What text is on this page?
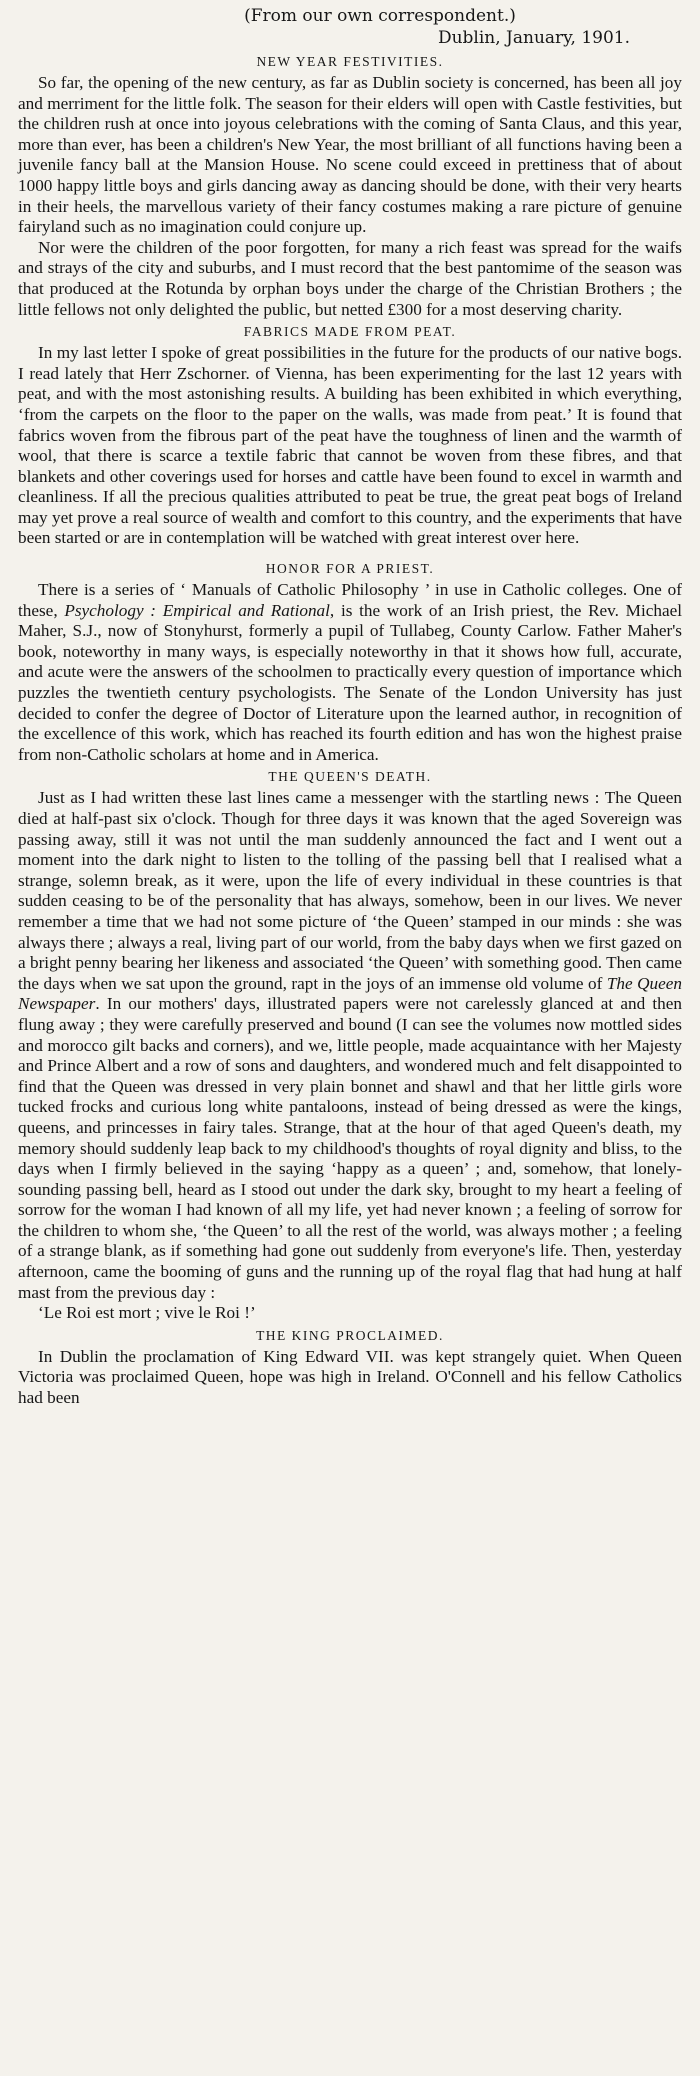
(From our own correspondent.)
Dublin, January, 1901.
NEW YEAR FESTIVITIES.

So far, the opening of the new century, as far as Dublin society is concerned, has been all joy and merriment for the little folk. The season for their elders will open with Castle festivities, but the children rush at once into joyous celebrations with the coming of Santa Claus, and this year, more than ever, has been a children's New Year, the most brilliant of all functions having been a juvenile fancy ball at the Mansion House. No scene could exceed in prettiness that of about 1000 happy little boys and girls dancing away as dancing should be done, with their very hearts in their heels, the marvellous variety of their fancy costumes making a rare picture of genuine fairyland such as no imagination could conjure up.

Nor were the children of the poor forgotten, for many a rich feast was spread for the waifs and strays of the city and suburbs, and I must record that the best pantomime of the season was that produced at the Rotunda by orphan boys under the charge of the Christian Brothers ; the little fellows not only delighted the public, but netted £300 for a most deserving charity.

FABRICS MADE FROM PEAT.

In my last letter I spoke of great possibilities in the future for the products of our native bogs. I read lately that Herr Zschorner. of Vienna, has been experimenting for the last 12 years with peat, and with the most astonishing results. A building has been exhibited in which everything, ‘from the carpets on the floor to the paper on the walls, was made from peat.’ It is found that fabrics woven from the fibrous part of the peat have the toughness of linen and the warmth of wool, that there is scarce a textile fabric that cannot be woven from these fibres, and that blankets and other coverings used for horses and cattle have been found to excel in warmth and cleanliness. If all the precious qualities attributed to peat be true, the great peat bogs of Ireland may yet prove a real source of wealth and comfort to this country, and the experiments that have been started or are in contemplation will be watched with great interest over here.

HONOR FOR A PRIEST.

There is a series of ‘ Manuals of Catholic Philosophy ’ in use in Catholic colleges. One of these, Psychology : Empirical and Rational, is the work of an Irish priest, the Rev. Michael Maher, S.J., now of Stonyhurst, formerly a pupil of Tullabeg, County Carlow. Father Maher's book, noteworthy in many ways, is especially noteworthy in that it shows how full, accurate, and acute were the answers of the schoolmen to practically every question of importance which puzzles the twentieth century psychologists. The Senate of the London University has just decided to confer the degree of Doctor of Literature upon the learned author, in recognition of the excellence of this work, which has reached its fourth edition and has won the highest praise from non-Catholic scholars at home and in America.

THE QUEEN'S DEATH.

Just as I had written these last lines came a messenger with the startling news : The Queen died at half-past six o'clock. Though for three days it was known that the aged Sovereign was passing away, still it was not until the man suddenly announced the fact and I went out a moment into the dark night to listen to the tolling of the passing bell that I realised what a strange, solemn break, as it were, upon the life of every individual in these countries is that sudden ceasing to be of the personality that has always, somehow, been in our lives. We never remember a time that we had not some picture of ‘the Queen’ stamped in our minds : she was always there ; always a real, living part of our world, from the baby days when we first gazed on a bright penny bearing her likeness and associated ‘the Queen’ with something good. Then came the days when we sat upon the ground, rapt in the joys of an immense old volume of The Queen Newspaper. In our mothers' days, illustrated papers were not carelessly glanced at and then flung away ; they were carefully preserved and bound (I can see the volumes now mottled sides and morocco gilt backs and corners), and we, little people, made acquaintance with her Majesty and Prince Albert and a row of sons and daughters, and wondered much and felt disappointed to find that the Queen was dressed in very plain bonnet and shawl and that her little girls wore tucked frocks and curious long white pantaloons, instead of being dressed as were the kings, queens, and princesses in fairy tales. Strange, that at the hour of that aged Queen's death, my memory should suddenly leap back to my childhood's thoughts of royal dignity and bliss, to the days when I firmly believed in the saying ‘happy as a queen’ ; and, somehow, that lonely-sounding passing bell, heard as I stood out under the dark sky, brought to my heart a feeling of sorrow for the woman I had known of all my life, yet had never known ; a feeling of sorrow for the children to whom she, ‘the Queen’ to all the rest of the world, was always mother ; a feeling of a strange blank, as if something had gone out suddenly from everyone's life. Then, yesterday afternoon, came the booming of guns and the running up of the royal flag that had hung at half mast from the previous day :

‘Le Roi est mort ; vive le Roi !’

THE KING PROCLAIMED.

In Dublin the proclamation of King Edward VII. was kept strangely quiet. When Queen Victoria was proclaimed Queen, hope was high in Ireland. O'Connell and his fellow Catholics had been
